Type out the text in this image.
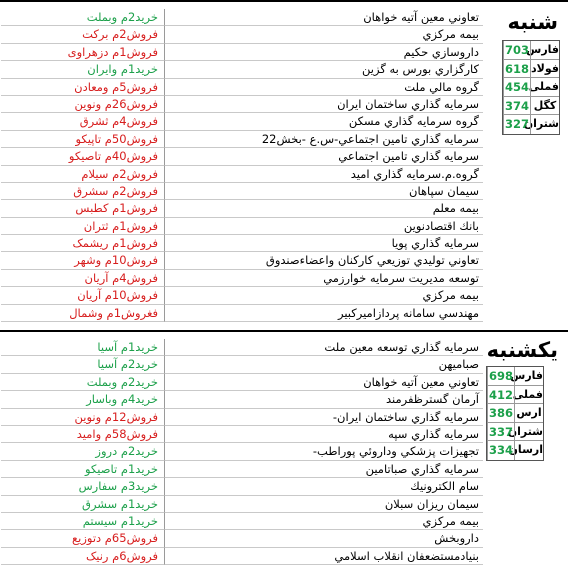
تعاوني معين آتيه خواهان
خريد2م وبملت
بيمه مركزي
فروش2م بركت
داروسازي حكيم
فروش1م دزهراوی
كارگزاري بورس به گزين
خريد1م وايران
گروه مالي ملت
فروش5م ومعادن
سرمايه گذاري ساختمان ايران
فروش26م ونوین
گروه سرمايه گذاري مسكن
فروش4م ثشرق
سرمايه گذاري تامين اجتماعي-س.ع -بخش22
فروش50م تاپیکو
سرمايه گذاري تامين اجتماعي
فروش40م تاصیکو
گروه.م.سرمايه گذاري اميد
فروش2م سیلام
سيمان سپاهان
فروش2م سشرق
بيمه معلم
فروش1م کطبس
بانك اقتصادنوين
فروش1م ثتران
سرمايه گذاري پويا
فروش1م ریشمک
تعاوني توليدي توزيعي كاركنان واعضاءصندوق
فروش10م وشهر
توسعه مديريت سرمايه خوارزمي
فروش4م آریان
بيمه مركزي
فروش10م آریان
مهندسي سامانه پردازاميركبير
فغروش1م وشمال
شنبه
فارس
703
فولاد
618
فملی
454
کگل
374
شتران
327
سرمايه گذاري توسعه معين ملت
خريد1م آسيا
صباميهن
خريد2م آسیا
تعاوني معين آتيه خواهان
خريد2م وبملت
آرمان گسترظفرمند
خريد4م وباسار
سرمايه گذاري ساختمان ايران-
فروش12م ونوین
سرمايه گذاري سپه
فروش58م وامید
تجهيزات پزشكي وداروئي پوراطب-
خريد2م دروز
سرمايه گذاري صباتامين
خريد1م تاصیکو
سام الكترونيك
خريد3م سفارس
سيمان ريزان سبلان
خريد1م سشرق
بيمه مركزي
خريد1م سیستم
داروبخش
فروش65م دتوزیع
بنيادمستضعفان انقلاب اسلامي
فروش6م رنیک
یکشنبه
فارس
698
فملی
412
ارس
386
شتران
337
ارسان
334
